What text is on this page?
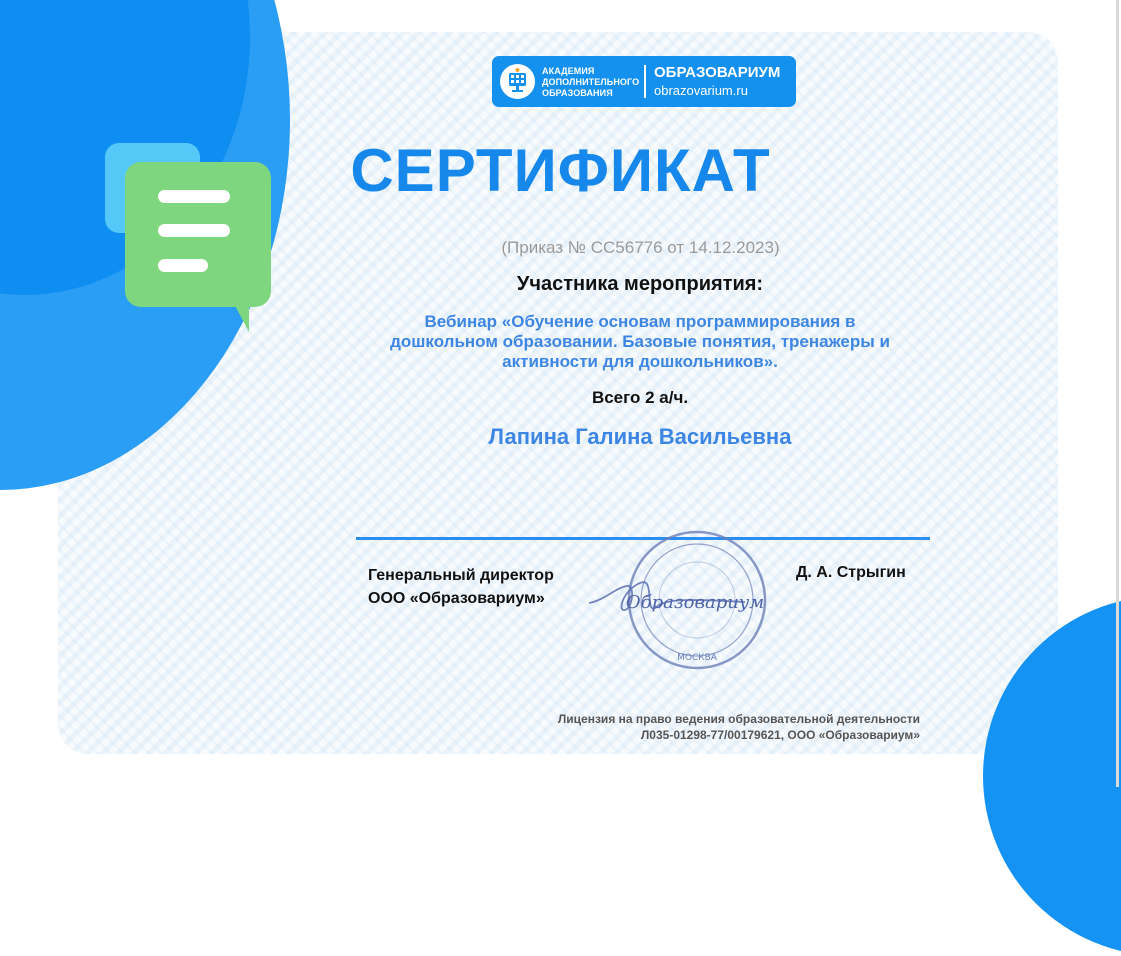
АКАДЕМИЯ
ДОПОЛНИТЕЛЬНОГО
ОБРАЗОВАНИЯ
ОБРАЗОВАРИУМ
obrazovarium.ru
СЕРТИФИКАТ
(Приказ № СС56776 от 14.12.2023)
Участника мероприятия:
Вебинар «Обучение основам программирования в
дошкольном образовании. Базовые понятия, тренажеры и
активности для дошкольников».
Всего 2 а/ч.
Лапина Галина Васильевна
Генеральный директор
ООО «Образовариум»	Образовариум
МОСКВА
Д. А. Стрыгин
Лицензия на право ведения образовательной деятельности
Л035-01298-77/00179621, ООО «Образовариум»
